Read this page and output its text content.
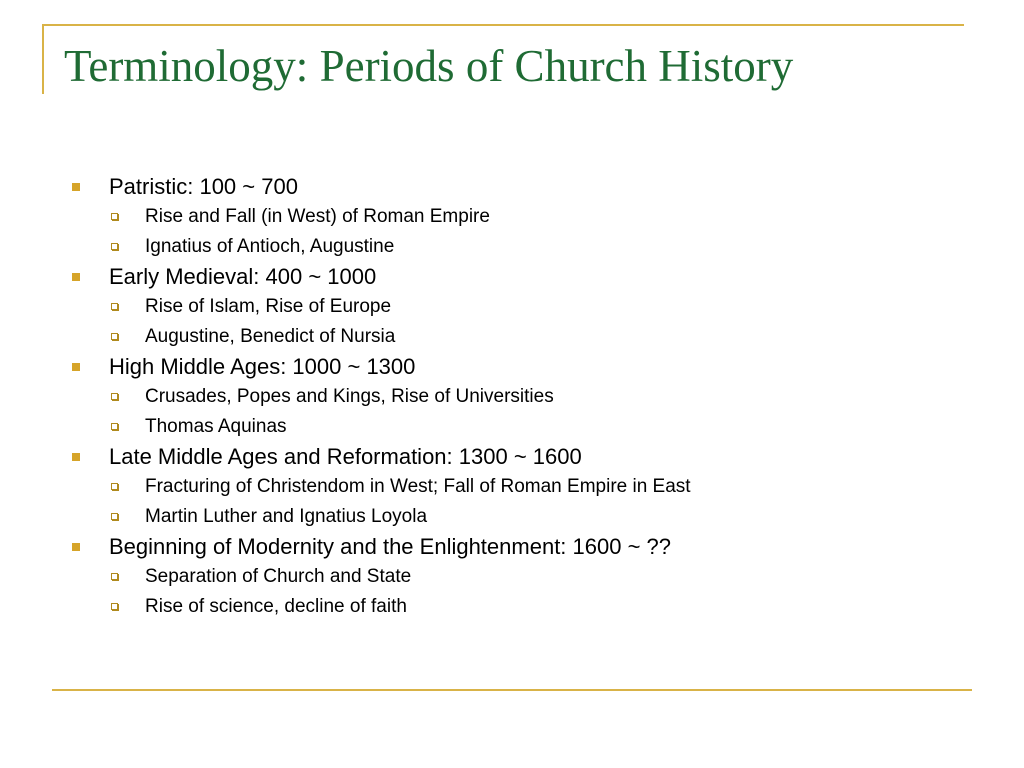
Terminology: Periods of Church History
Patristic: 100 ~ 700
Rise and Fall (in West) of Roman Empire
Ignatius of Antioch, Augustine
Early Medieval: 400 ~ 1000
Rise of Islam, Rise of Europe
Augustine, Benedict of Nursia
High Middle Ages: 1000 ~ 1300
Crusades, Popes and Kings, Rise of Universities
Thomas Aquinas
Late Middle Ages and Reformation: 1300 ~ 1600
Fracturing of Christendom in West; Fall of Roman Empire in East
Martin Luther and Ignatius Loyola
Beginning of Modernity and the Enlightenment: 1600 ~ ??
Separation of Church and State
Rise of science, decline of faith
